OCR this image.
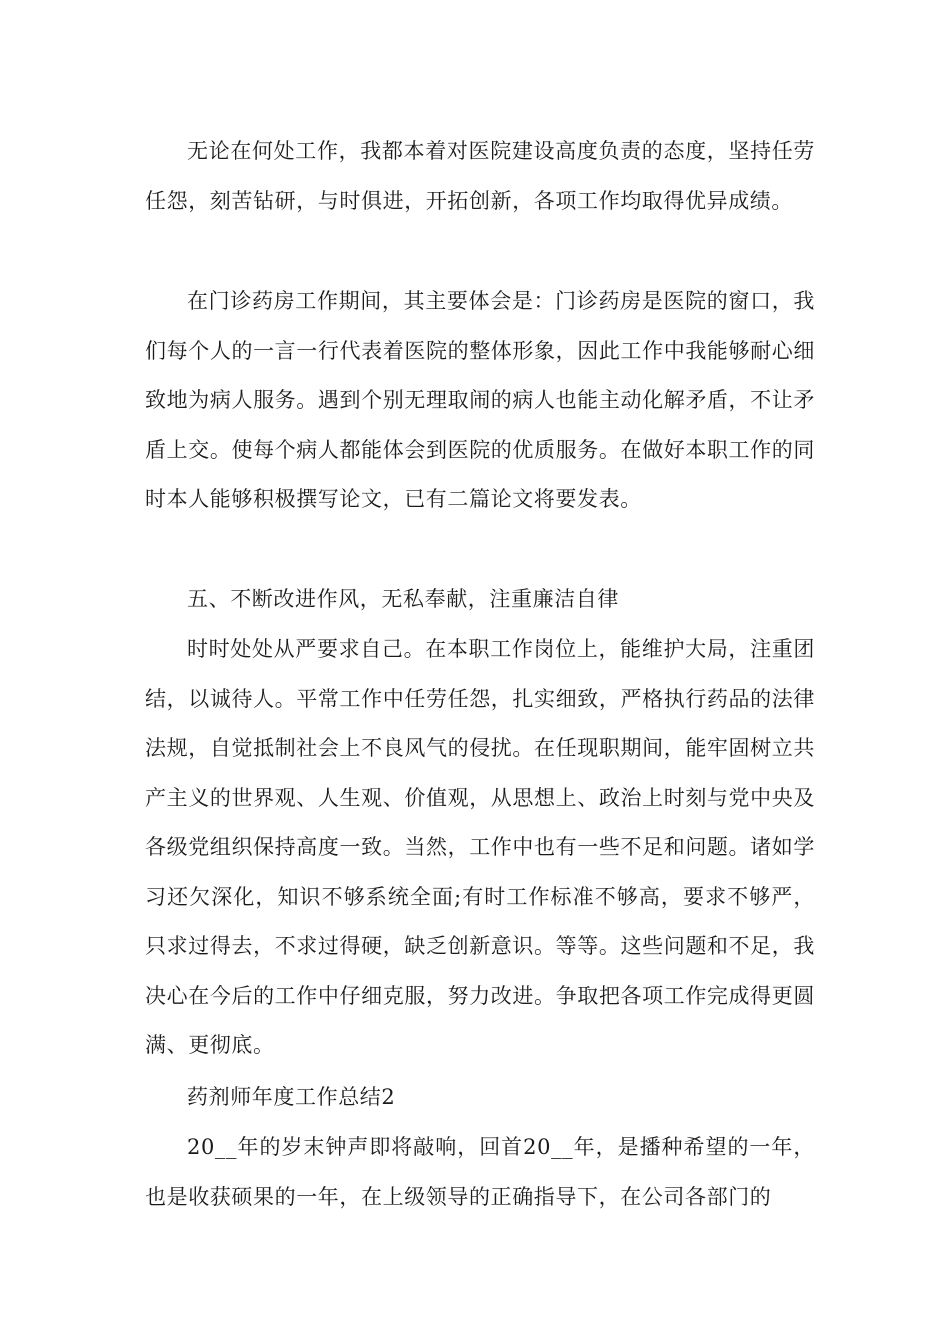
无论在何处工作，我都本着对医院建设高度负责的态度，坚持任劳任怨，刻苦钻研，与时俱进，开拓创新，各项工作均取得优异成绩。

在门诊药房工作期间，其主要体会是：门诊药房是医院的窗口，我们每个人的一言一行代表着医院的整体形象，因此工作中我能够耐心细致地为病人服务。遇到个别无理取闹的病人也能主动化解矛盾，不让矛盾上交。使每个病人都能体会到医院的优质服务。在做好本职工作的同时本人能够积极撰写论文，已有二篇论文将要发表。

五、不断改进作风，无私奉献，注重廉洁自律

时时处处从严要求自己。在本职工作岗位上，能维护大局，注重团结，以诚待人。平常工作中任劳任怨，扎实细致，严格执行药品的法律法规，自觉抵制社会上不良风气的侵扰。在任现职期间，能牢固树立共产主义的世界观、人生观、价值观，从思想上、政治上时刻与党中央及各级党组织保持高度一致。当然，工作中也有一些不足和问题。诸如学习还欠深化，知识不够系统全面;有时工作标准不够高，要求不够严，只求过得去，不求过得硬，缺乏创新意识。等等。这些问题和不足，我决心在今后的工作中仔细克服，努力改进。争取把各项工作完成得更圆满、更彻底。

药剂师年度工作总结2

20__年的岁末钟声即将敲响，回首20__年，是播种希望的一年，也是收获硕果的一年，在上级领导的正确指导下，在公司各部门的
